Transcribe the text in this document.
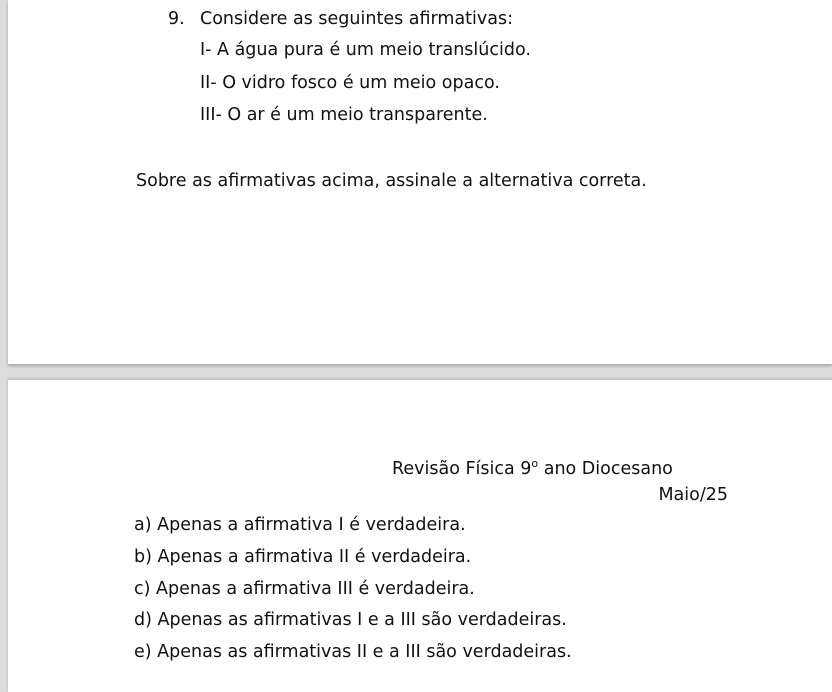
9. Considere as seguintes afirmativas:
I- A água pura é um meio translúcido.
II- O vidro fosco é um meio opaco.
III- O ar é um meio transparente.
Sobre as afirmativas acima, assinale a alternativa correta.
Revisão Física 9$^o$ ano Diocesano
Maio/25
a) Apenas a afirmativa I é verdadeira.
b) Apenas a afirmativa II é verdadeira.
c) Apenas a afirmativa III é verdadeira.
d) Apenas as afirmativas I e a III são verdadeiras.
e) Apenas as afirmativas II e a III são verdadeiras.
